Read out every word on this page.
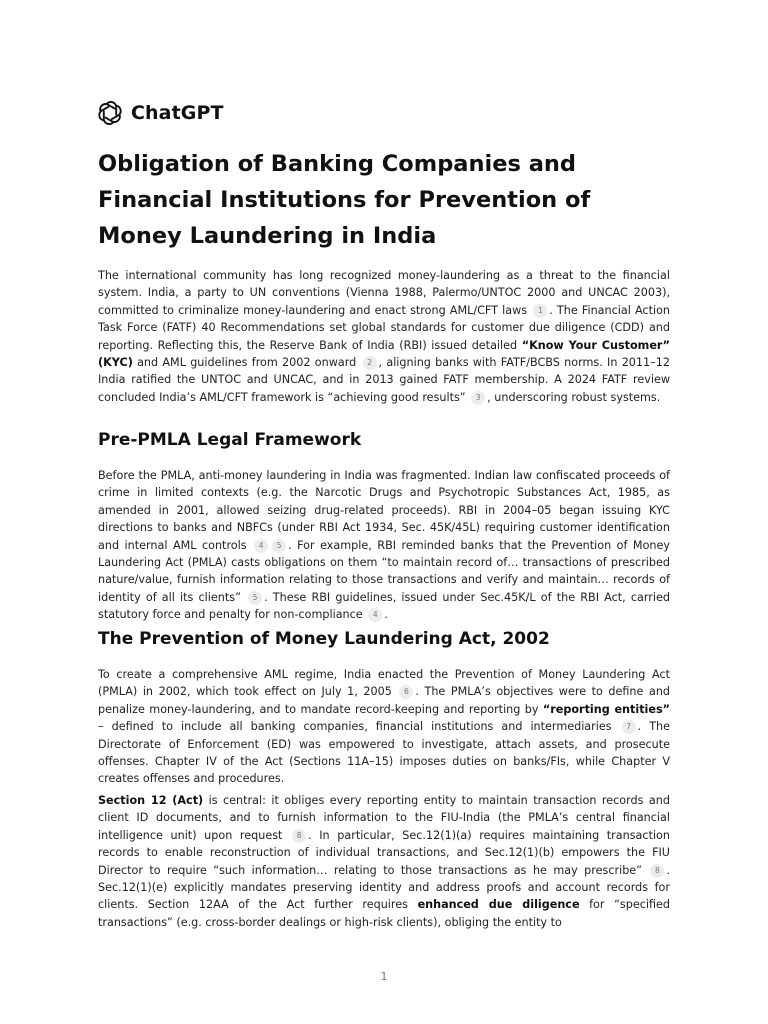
ChatGPT
Obligation of Banking Companies and Financial Institutions for Prevention of Money Laundering in India

The international community has long recognized money-laundering as a threat to the financial system. India, a party to UN conventions (Vienna 1988, Palermo/UNTOC 2000 and UNCAC 2003), committed to criminalize money-laundering and enact strong AML/CFT laws 1 . The Financial Action Task Force (FATF) 40 Recommendations set global standards for customer due diligence (CDD) and reporting. Reflecting this, the Reserve Bank of India (RBI) issued detailed “Know Your Customer” (KYC) and AML guidelines from 2002 onward 2 , aligning banks with FATF/BCBS norms. In 2011–12 India ratified the UNTOC and UNCAC, and in 2013 gained FATF membership. A 2024 FATF review concluded India’s AML/CFT framework is “achieving good results” 3 , underscoring robust systems.

Pre-PMLA Legal Framework

Before the PMLA, anti-money laundering in India was fragmented. Indian law confiscated proceeds of crime in limited contexts (e.g. the Narcotic Drugs and Psychotropic Substances Act, 1985, as amended in 2001, allowed seizing drug-related proceeds). RBI in 2004–05 began issuing KYC directions to banks and NBFCs (under RBI Act 1934, Sec. 45K/45L) requiring customer identification and internal AML controls 4 5 . For example, RBI reminded banks that the Prevention of Money Laundering Act (PMLA) casts obligations on them “to maintain record of… transactions of prescribed nature/value, furnish information relating to those transactions and verify and maintain… records of identity of all its clients” 5 . These RBI guidelines, issued under Sec.45K/L of the RBI Act, carried statutory force and penalty for non-compliance 4 .

The Prevention of Money Laundering Act, 2002

To create a comprehensive AML regime, India enacted the Prevention of Money Laundering Act (PMLA) in 2002, which took effect on July 1, 2005 6 . The PMLA’s objectives were to define and penalize money-laundering, and to mandate record-keeping and reporting by “reporting entities” – defined to include all banking companies, financial institutions and intermediaries 7 . The Directorate of Enforcement (ED) was empowered to investigate, attach assets, and prosecute offenses. Chapter IV of the Act (Sections 11A–15) imposes duties on banks/FIs, while Chapter V creates offenses and procedures.

Section 12 (Act) is central: it obliges every reporting entity to maintain transaction records and client ID documents, and to furnish information to the FIU-India (the PMLA’s central financial intelligence unit) upon request 8 . In particular, Sec.12(1)(a) requires maintaining transaction records to enable reconstruction of individual transactions, and Sec.12(1)(b) empowers the FIU Director to require “such information… relating to those transactions as he may prescribe” 8 . Sec.12(1)(e) explicitly mandates preserving identity and address proofs and account records for clients. Section 12AA of the Act further requires enhanced due diligence for “specified transactions” (e.g. cross-border dealings or high-risk clients), obliging the entity to

1
